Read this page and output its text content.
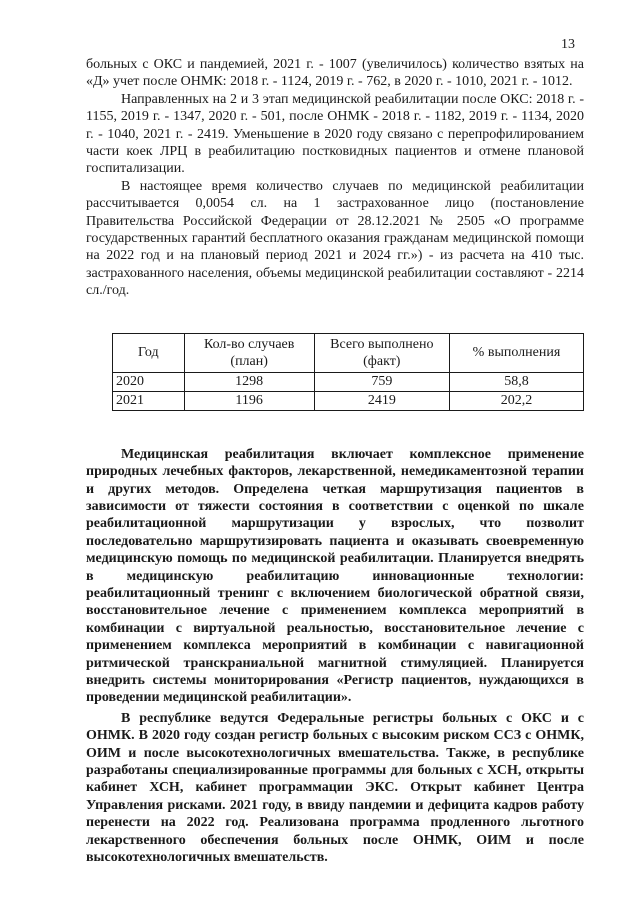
13

больных с ОКС и пандемией, 2021 г. - 1007 (увеличилось) количество взятых на «Д» учет после ОНМК: 2018 г. - 1124, 2019 г. - 762, в 2020 г. - 1010, 2021 г. - 1012.

Направленных на 2 и 3 этап медицинской реабилитации после ОКС: 2018 г. - 1155, 2019 г. - 1347, 2020 г. - 501, после ОНМК - 2018 г. - 1182, 2019 г. - 1134, 2020 г. - 1040, 2021 г. - 2419. Уменьшение в 2020 году связано с перепрофилированием части коек ЛРЦ в реабилитацию постковидных пациентов и отмене плановой госпитализации.

В настоящее время количество случаев по медицинской реабилитации рассчитывается 0,0054 сл. на 1 застрахованное лицо (постановление Правительства Российской Федерации от 28.12.2021 № 2505 «О программе государственных гарантий бесплатного оказания гражданам медицинской помощи на 2022 год и на плановый период 2021 и 2024 гг.») - из расчета на 410 тыс. застрахованного населения, объемы медицинской реабилитации составляют - 2214 сл./год.

Год	Кол-во случаев (план)	Всего выполнено (факт)	% выполнения
2020	1298	759	58,8
2021	1196	2419	202,2

Медицинская реабилитация включает комплексное применение природных лечебных факторов, лекарственной, немедикаментозной терапии и других методов. Определена четкая маршрутизация пациентов в зависимости от тяжести состояния в соответствии с оценкой по шкале реабилитационной маршрутизации у взрослых, что позволит последовательно маршрутизировать пациента и оказывать своевременную медицинскую помощь по медицинской реабилитации. Планируется внедрять в медицинскую реабилитацию инновационные технологии: реабилитационный тренинг с включением биологической обратной связи, восстановительное лечение с применением комплекса мероприятий в комбинации с виртуальной реальностью, восстановительное лечение с применением комплекса мероприятий в комбинации с навигационной ритмической транскраниальной магнитной стимуляцией. Планируется внедрить системы мониторирования «Регистр пациентов, нуждающихся в проведении медицинской реабилитации».

В республике ведутся Федеральные регистры больных с ОКС и с ОНМК. В 2020 году создан регистр больных с высоким риском ССЗ с ОНМК, ОИМ и после высокотехнологичных вмешательства. Также, в республике разработаны специализированные программы для больных с ХСН, открыты кабинет ХСН, кабинет программации ЭКС. Открыт кабинет Центра Управления рисками. 2021 году, в ввиду пандемии и дефицита кадров работу перенести на 2022 год. Реализована программа продленного льготного лекарственного обеспечения больных после ОНМК, ОИМ и после высокотехнологичных вмешательств.
